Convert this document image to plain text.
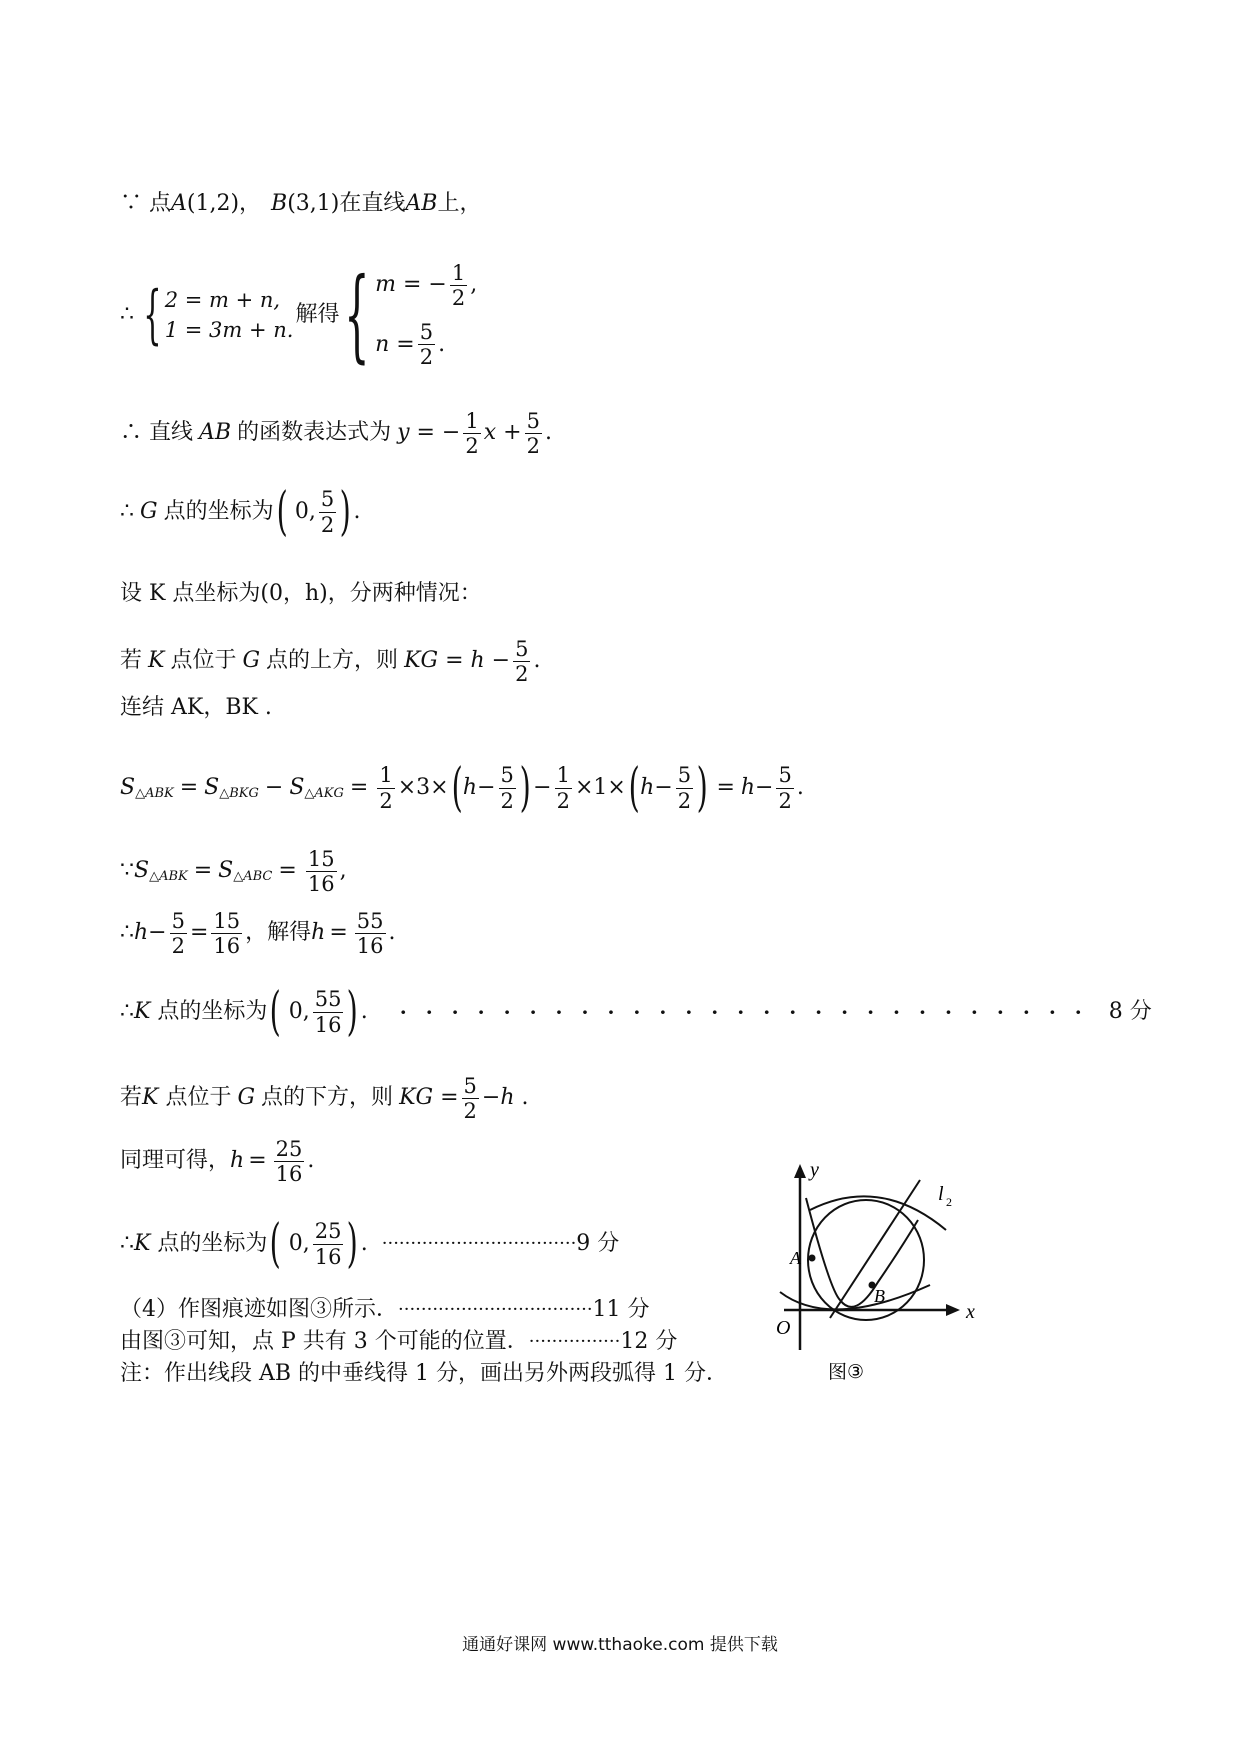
∵ 点 A (1,2)， B (3,1) 在直线 AB 上，
∴ { 2 = m + n,
1 = 3m + n.
解得 { m = − $\frac{1}{2}$ ,
$n = \frac{5}{2}$ .
∴ 直线 AB 的函数表达式为 y = − $\frac{1}{2}$ $x + \frac{5}{2}$ .
∴ G 点的坐标为 ( 0, $\frac{5}{2}$ ) .
设 K 点坐标为(0，h)，分两种情况：
若 K 点位于 G 点的上方，则 KG = $h - \frac{5}{2}$ .
连结 AK，BK .
S △ABK = S △BKG − S △AKG = $\frac{1}{2} \times 3\times$ ( $h - \frac{5}{2}$ ) − $\frac{1}{2} \times 1\times$ ( $h - \frac{5}{2}$ ) = $h - \frac{5}{2}$ .
∵ S △ABK = S △ABC = $\frac{15}{16}$ ,
∴ $h - \frac{5}{2} = \frac{15}{16}$ ，解得 $h = \frac{55}{16}$ .
∴ K 点的坐标为 ( 0, $\frac{55}{16}$ ) . ··························· 8 分
若 K
点位于 G 点的下方，则 KG = $\frac{5}{2} - h$ .
同理可得， $h = \frac{25}{16}$ .
∴ K 点的坐标为 ( 0, $\frac{25}{16}$ ) . ·································· 9 分
（4）作图痕迹如图③所示． ·································· 11 分
由图③可知，点 P 共有 3 个可能的位置． ················ 12 分
注：作出线段 AB 的中垂线得 1 分，画出另外两段弧得 1 分．
y
x
O
A
B
l 2
图③
通通好课网 www.tthaoke.com 提供下载
